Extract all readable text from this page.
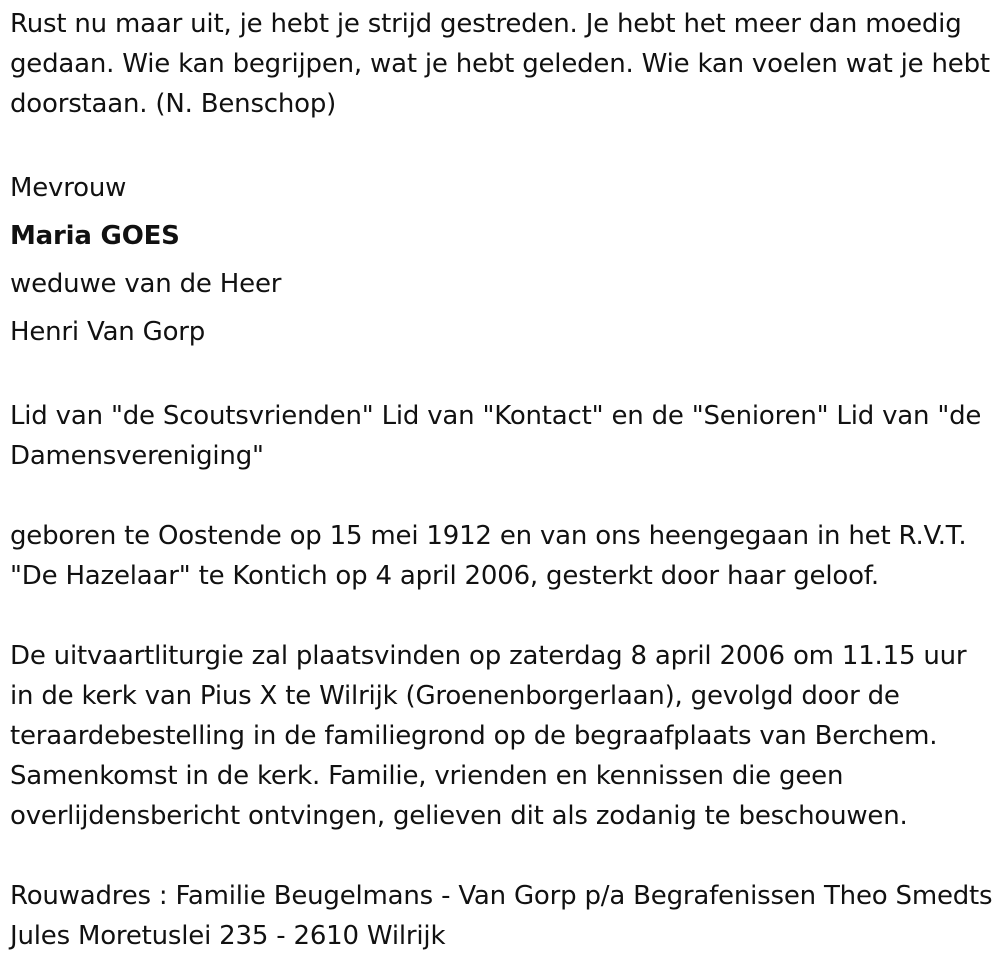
Rust nu maar uit, je hebt je strijd gestreden. Je hebt het meer dan moedig gedaan. Wie kan begrijpen, wat je hebt geleden. Wie kan voelen wat je hebt doorstaan. (N. Benschop)

Mevrouw

Maria GOES

weduwe van de Heer

Henri Van Gorp

Lid van "de Scoutsvrienden" Lid van "Kontact" en de "Senioren" Lid van "de Damensvereniging"

geboren te Oostende op 15 mei 1912 en van ons heengegaan in het R.V.T. "De Hazelaar" te Kontich op 4 april 2006, gesterkt door haar geloof.

De uitvaartliturgie zal plaatsvinden op zaterdag 8 april 2006 om 11.15 uur in de kerk van Pius X te Wilrijk (Groenenborgerlaan), gevolgd door de teraardebestelling in de familiegrond op de begraafplaats van Berchem. Samenkomst in de kerk. Familie, vrienden en kennissen die geen overlijdensbericht ontvingen, gelieven dit als zodanig te beschouwen.

Rouwadres : Familie Beugelmans - Van Gorp p/a Begrafenissen Theo Smedts Jules Moretuslei 235 - 2610 Wilrijk
